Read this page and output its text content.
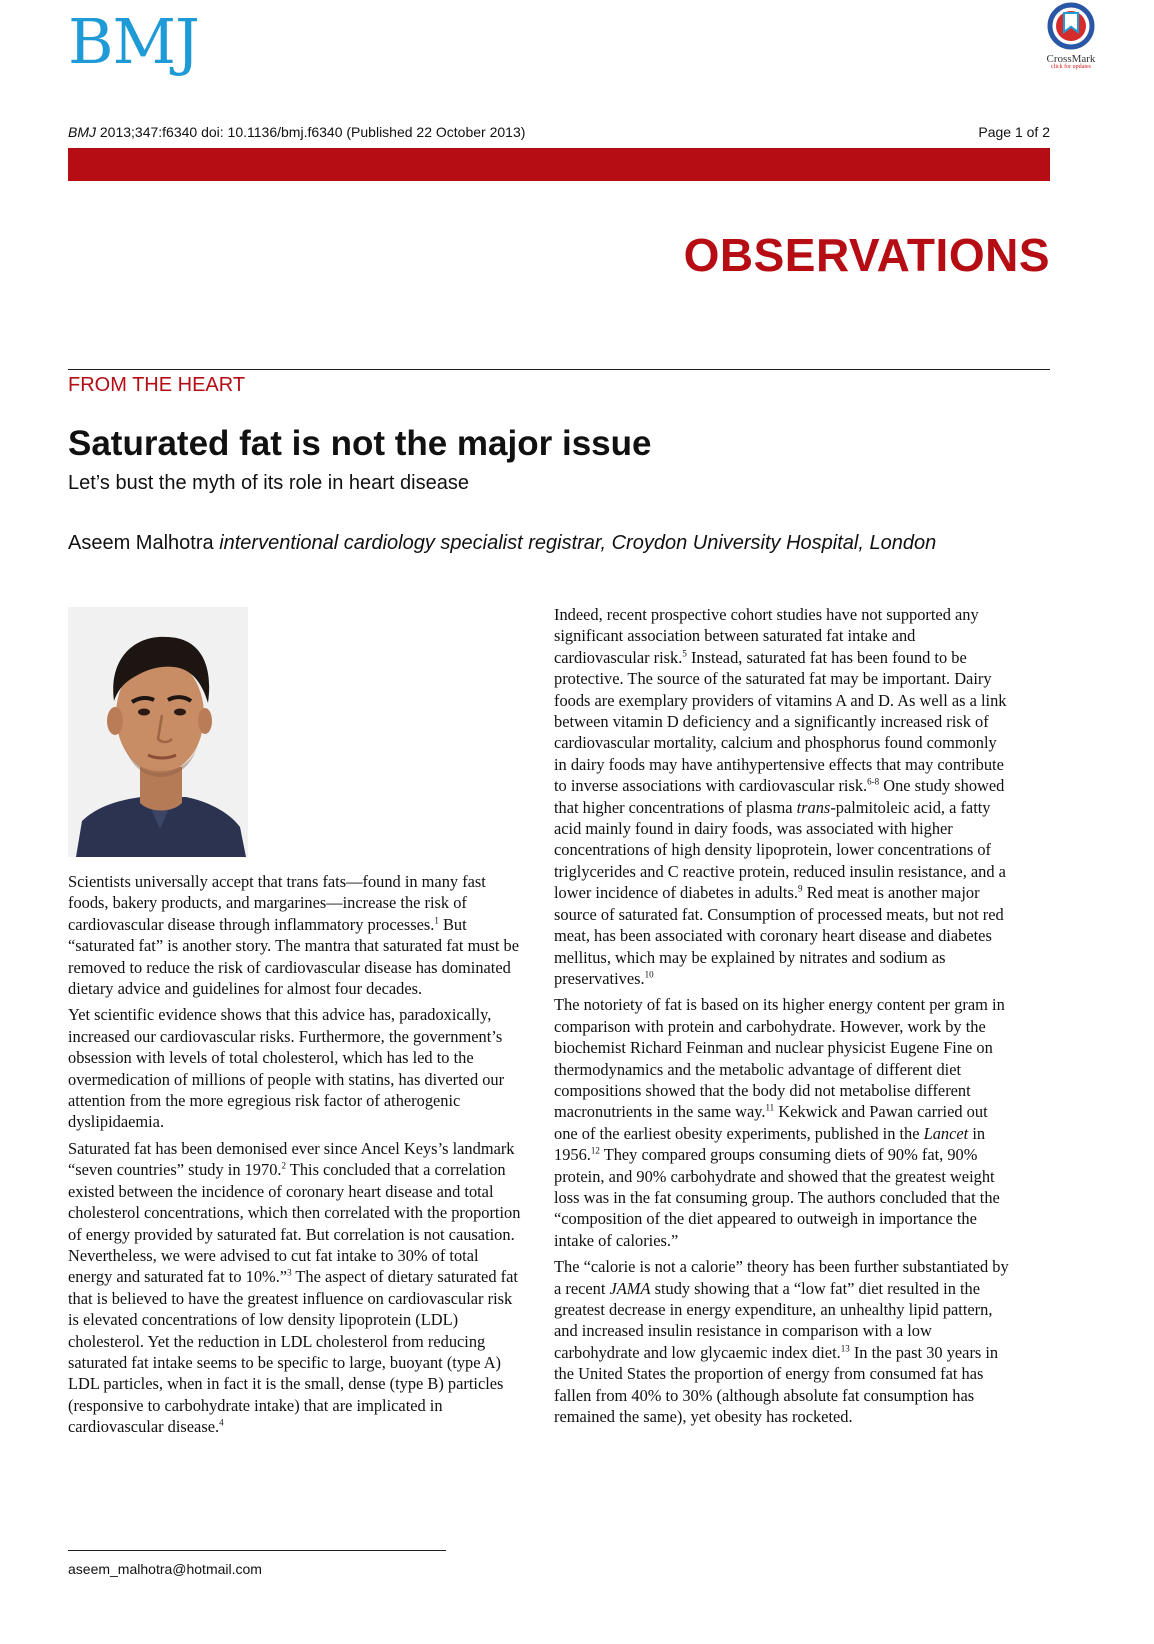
BMJ	CrossMark
click for updates
BMJ 2013;347:f6340 doi: 10.1136/bmj.f6340 (Published 22 October 2013)	Page 1 of 2
OBSERVATIONS
FROM THE HEART
Saturated fat is not the major issue
Let’s bust the myth of its role in heart disease
Aseem Malhotra interventional cardiology specialist registrar, Croydon University Hospital, London

Scientists universally accept that trans fats—found in many fast foods, bakery products, and margarines—increase the risk of cardiovascular disease through inflammatory processes.$^1$ But “saturated fat” is another story. The mantra that saturated fat must be removed to reduce the risk of cardiovascular disease has dominated dietary advice and guidelines for almost four decades.

Yet scientific evidence shows that this advice has, paradoxically, increased our cardiovascular risks. Furthermore, the government’s obsession with levels of total cholesterol, which has led to the overmedication of millions of people with statins, has diverted our attention from the more egregious risk factor of atherogenic dyslipidaemia.

Saturated fat has been demonised ever since Ancel Keys’s landmark “seven countries” study in 1970.$^2$ This concluded that a correlation existed between the incidence of coronary heart disease and total cholesterol concentrations, which then correlated with the proportion of energy provided by saturated fat. But correlation is not causation. Nevertheless, we were advised to cut fat intake to 30% of total energy and saturated fat to 10%.”$^3$ The aspect of dietary saturated fat that is believed to have the greatest influence on cardiovascular risk is elevated concentrations of low density lipoprotein (LDL) cholesterol. Yet the reduction in LDL cholesterol from reducing saturated fat intake seems to be specific to large, buoyant (type A) LDL particles, when in fact it is the small, dense (type B) particles (responsive to carbohydrate intake) that are implicated in cardiovascular disease.$^4$

Indeed, recent prospective cohort studies have not supported any significant association between saturated fat intake and cardiovascular risk.$^5$ Instead, saturated fat has been found to be protective. The source of the saturated fat may be important. Dairy foods are exemplary providers of vitamins A and D. As well as a link between vitamin D deficiency and a significantly increased risk of cardiovascular mortality, calcium and phosphorus found commonly in dairy foods may have antihypertensive effects that may contribute to inverse associations with cardiovascular risk.$^{6-8}$ One study showed that higher concentrations of plasma trans-palmitoleic acid, a fatty acid mainly found in dairy foods, was associated with higher concentrations of high density lipoprotein, lower concentrations of triglycerides and C reactive protein, reduced insulin resistance, and a lower incidence of diabetes in adults.$^9$ Red meat is another major source of saturated fat. Consumption of processed meats, but not red meat, has been associated with coronary heart disease and diabetes mellitus, which may be explained by nitrates and sodium as preservatives.$^{10}$

The notoriety of fat is based on its higher energy content per gram in comparison with protein and carbohydrate. However, work by the biochemist Richard Feinman and nuclear physicist Eugene Fine on thermodynamics and the metabolic advantage of different diet compositions showed that the body did not metabolise different macronutrients in the same way.$^{11}$ Kekwick and Pawan carried out one of the earliest obesity experiments, published in the Lancet in 1956.12 They compared groups consuming diets of 90% fat, 90% protein, and 90% carbohydrate and showed that the greatest weight loss was in the fat consuming group. The authors concluded that the “composition of the diet appeared to outweigh in importance the intake of calories.”

The “calorie is not a calorie” theory has been further substantiated by a recent JAMA study showing that a “low fat” diet resulted in the greatest decrease in energy expenditure, an unhealthy lipid pattern, and increased insulin resistance in comparison with a low carbohydrate and low glycaemic index diet.$^{13}$ In the past 30 years in the United States the proportion of energy from consumed fat has fallen from 40% to 30% (although absolute fat consumption has remained the same), yet obesity has rocketed.

aseem_malhotra@hotmail.com
